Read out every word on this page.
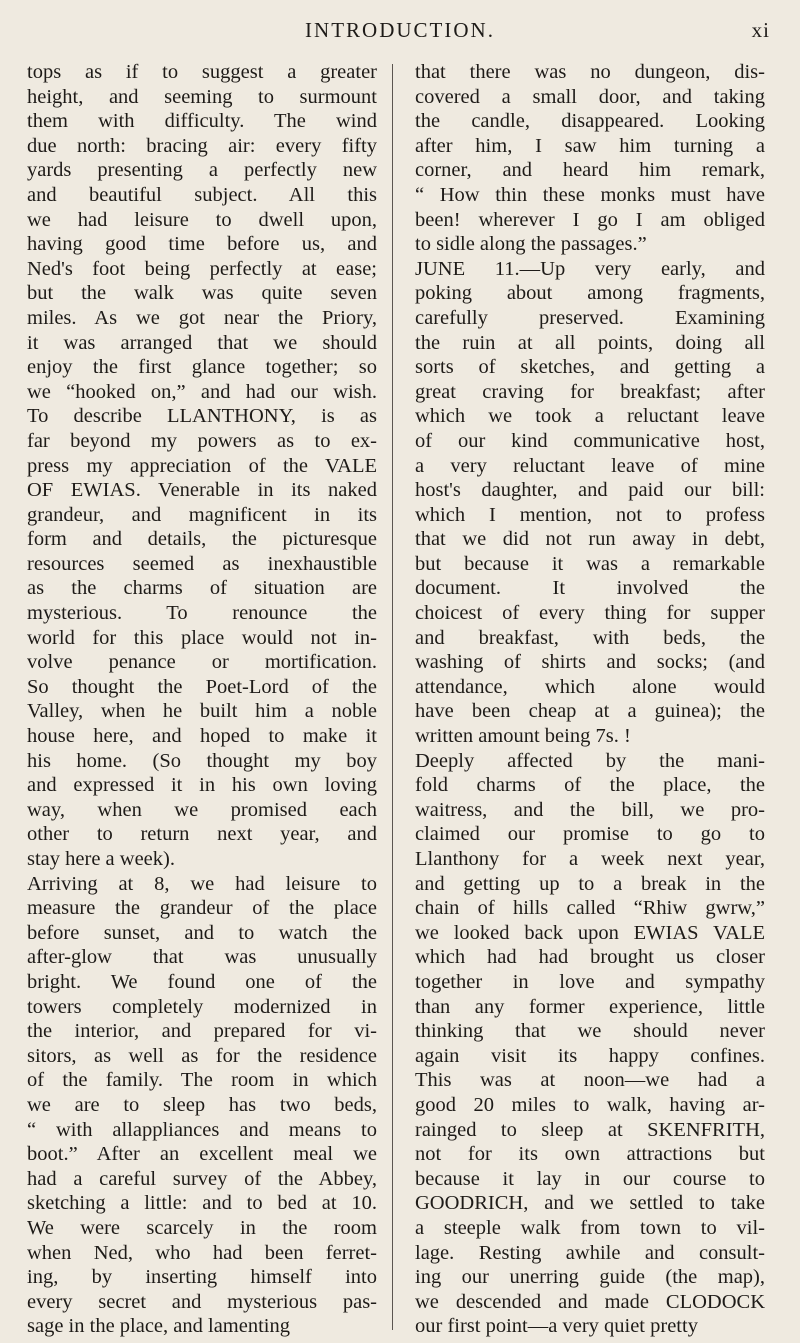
INTRODUCTION.	xi
tops as if to suggest a greater
height, and seeming to surmount
them with difficulty. The wind
due north: bracing air: every fifty
yards presenting a perfectly new
and beautiful subject. All this
we had leisure to dwell upon,
having good time before us, and
Ned's foot being perfectly at ease;
but the walk was quite seven
miles. As we got near the Priory,
it was arranged that we should
enjoy the first glance together; so
we “hooked on,” and had our wish.
To describe LLANTHONY, is as
far beyond my powers as to ex-
press my appreciation of the VALE
OF EWIAS. Venerable in its naked
grandeur, and magnificent in its
form and details, the picturesque
resources seemed as inexhaustible
as the charms of situation are
mysterious. To renounce the
world for this place would not in-
volve penance or mortification.
So thought the Poet-Lord of the
Valley, when he built him a noble
house here, and hoped to make it
his home. (So thought my boy
and expressed it in his own loving
way, when we promised each
other to return next year, and
stay here a week).
Arriving at 8, we had leisure to
measure the grandeur of the place
before sunset, and to watch the
after-glow that was unusually
bright. We found one of the
towers completely modernized in
the interior, and prepared for vi-
sitors, as well as for the residence
of the family. The room in which
we are to sleep has two beds,
“ with allappliances and means to
boot.” After an excellent meal we
had a careful survey of the Abbey,
sketching a little: and to bed at 10.
We were scarcely in the room
when Ned, who had been ferret-
ing, by inserting himself into
every secret and mysterious pas-
sage in the place, and lamenting
that there was no dungeon, dis-
covered a small door, and taking
the candle, disappeared. Looking
after him, I saw him turning a
corner, and heard him remark,
“ How thin these monks must have
been! wherever I go I am obliged
to sidle along the passages.”
JUNE 11.—Up very early, and
poking about among fragments,
carefully preserved. Examining
the ruin at all points, doing all
sorts of sketches, and getting a
great craving for breakfast; after
which we took a reluctant leave
of our kind communicative host,
a very reluctant leave of mine
host's daughter, and paid our bill:
which I mention, not to profess
that we did not run away in debt,
but because it was a remarkable
document. It involved the
choicest of every thing for supper
and breakfast, with beds, the
washing of shirts and socks; (and
attendance, which alone would
have been cheap at a guinea); the
written amount being 7s. !
Deeply affected by the mani-
fold charms of the place, the
waitress, and the bill, we pro-
claimed our promise to go to
Llanthony for a week next year,
and getting up to a break in the
chain of hills called “Rhiw gwrw,”
we looked back upon EWIAS VALE
which had had brought us closer
together in love and sympathy
than any former experience, little
thinking that we should never
again visit its happy confines.
This was at noon—we had a
good 20 miles to walk, having ar-
rainged to sleep at SKENFRITH,
not for its own attractions but
because it lay in our course to
GOODRICH, and we settled to take
a steeple walk from town to vil-
lage. Resting awhile and consult-
ing our unerring guide (the map),
we descended and made CLODOCK
our first point—a very quiet pretty
